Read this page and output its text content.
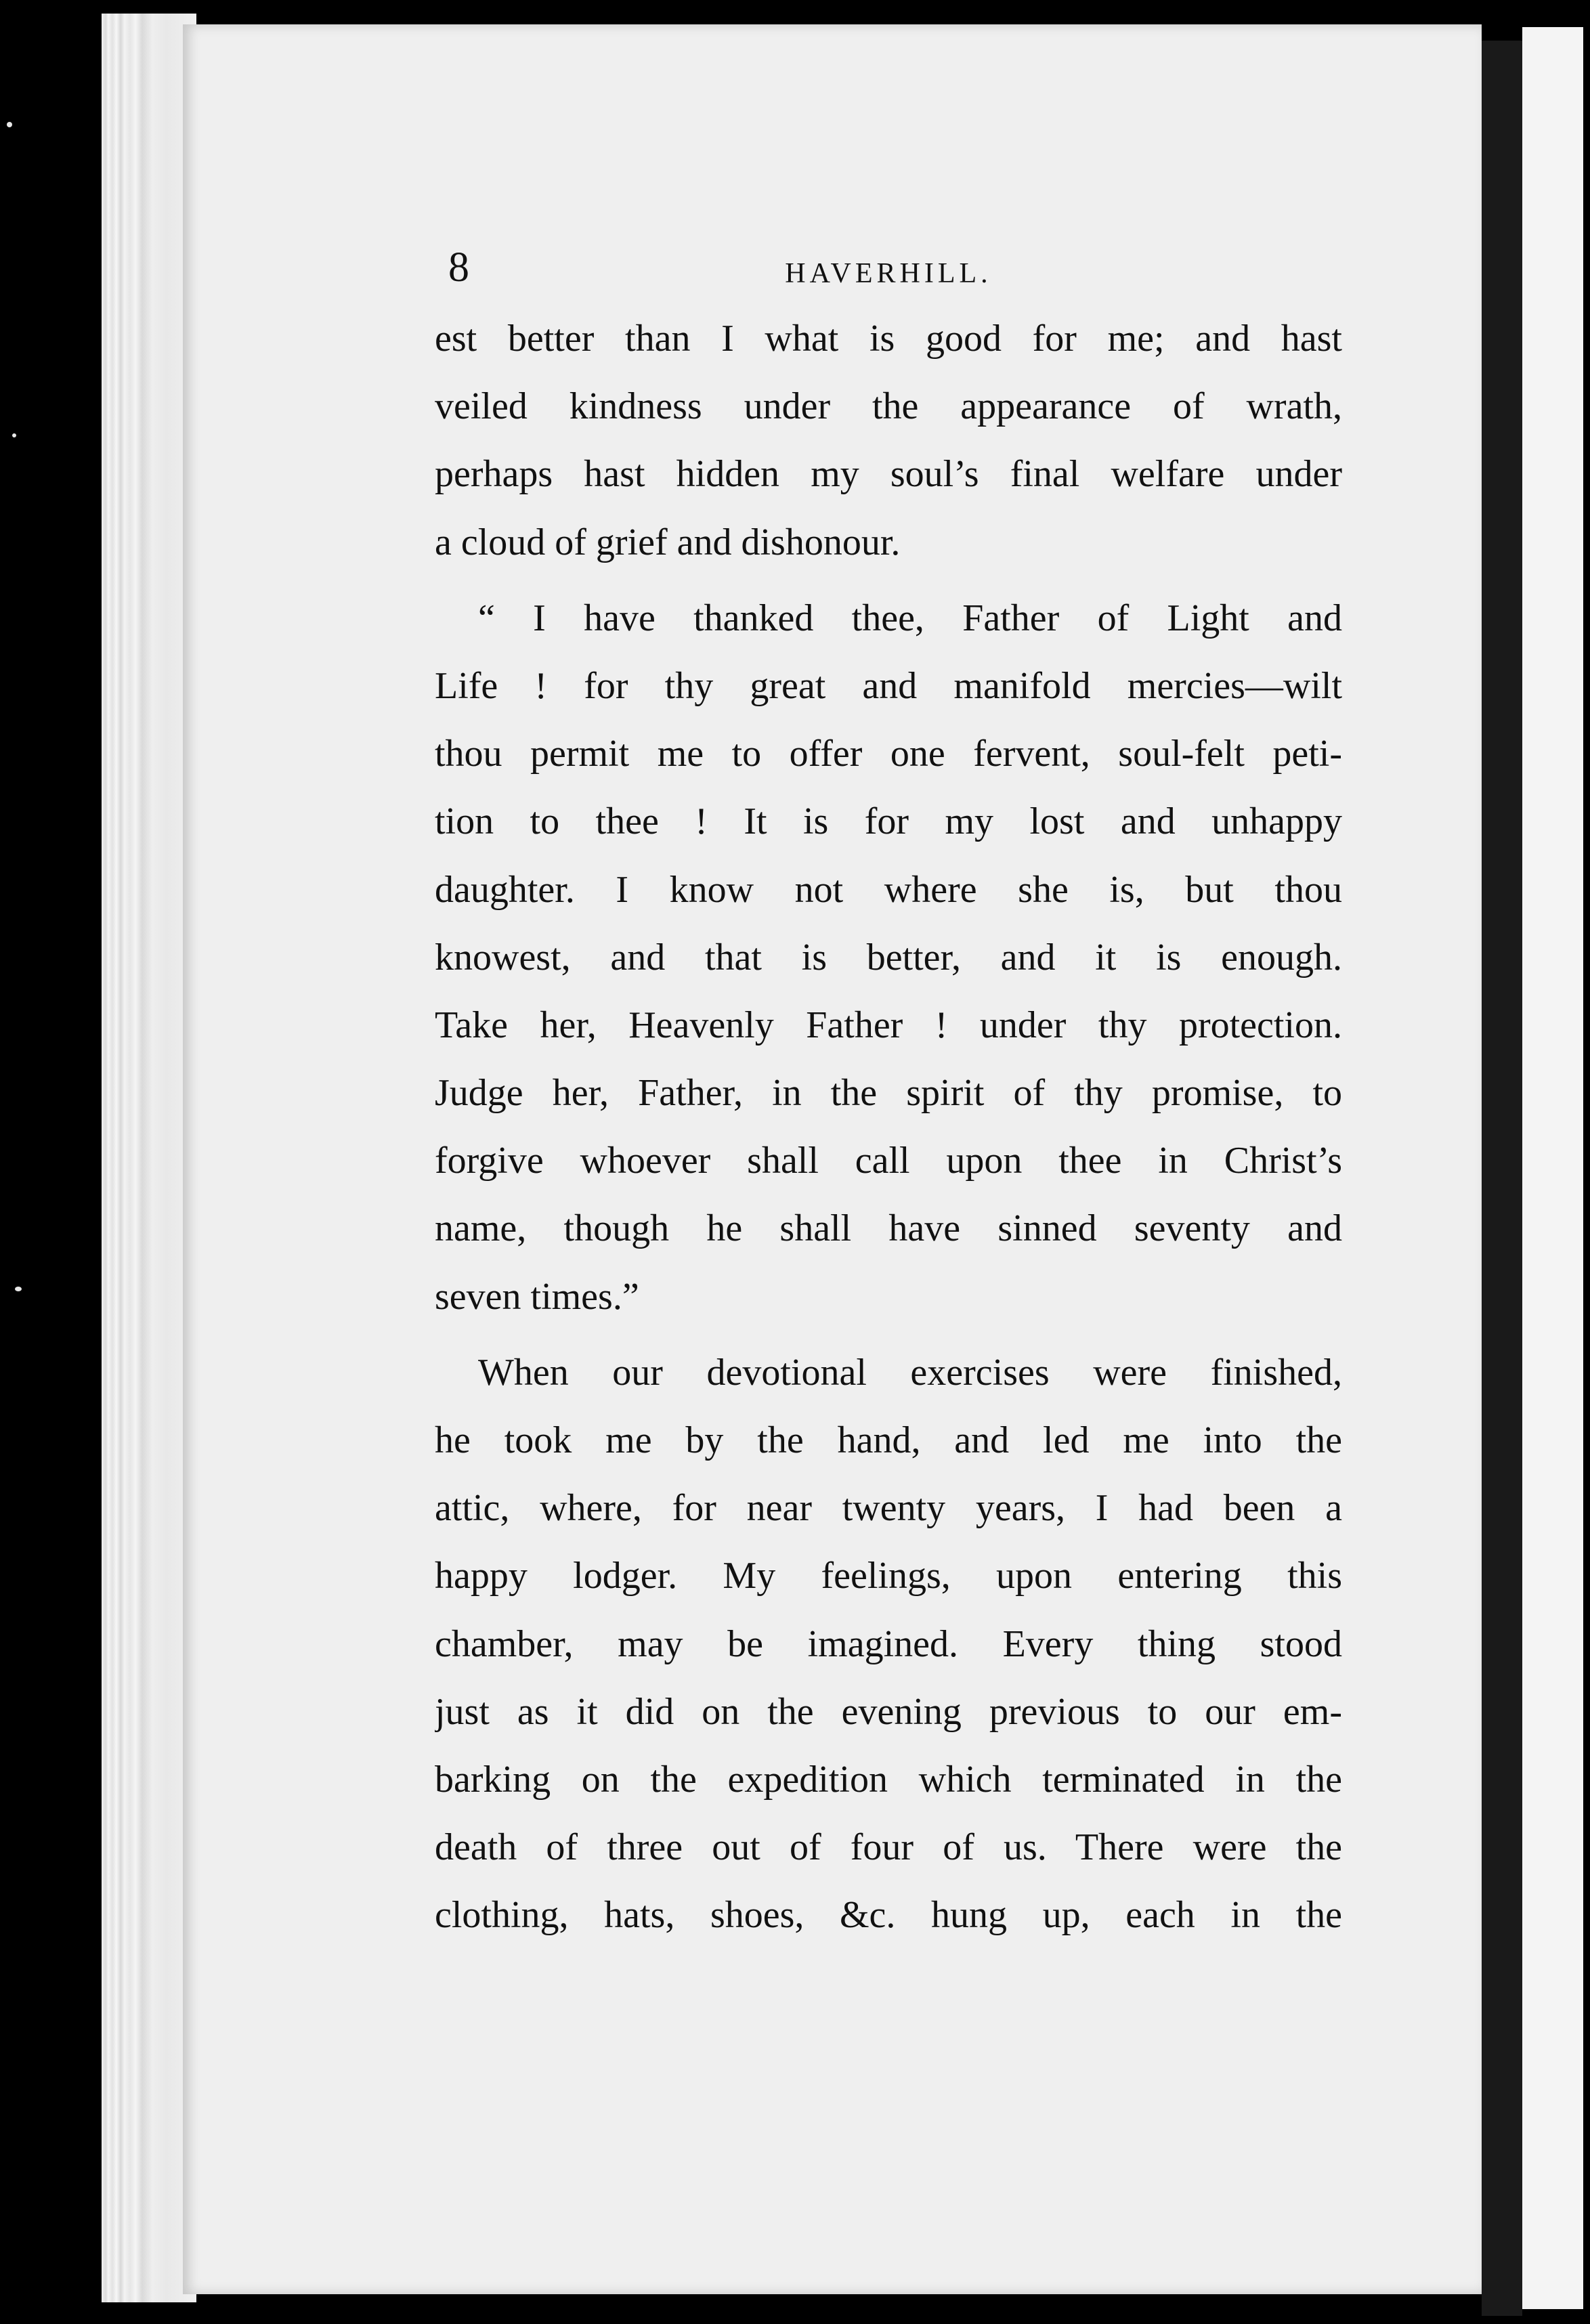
8	HAVERHILL.
est better than I what is good for me; and hast
veiled kindness under the appearance of wrath,
perhaps hast hidden my soul’s final welfare under
a cloud of grief and dishonour.
“ I have thanked thee, Father of Light and
Life ! for thy great and manifold mercies—wilt
thou permit me to offer one fervent, soul-felt peti-
tion to thee ! It is for my lost and unhappy
daughter. I know not where she is, but thou
knowest, and that is better, and it is enough.
Take her, Heavenly Father ! under thy protection.
Judge her, Father, in the spirit of thy promise, to
forgive whoever shall call upon thee in Christ’s
name, though he shall have sinned seventy and
seven times.”
When our devotional exercises were finished,
he took me by the hand, and led me into the
attic, where, for near twenty years, I had been a
happy lodger. My feelings, upon entering this
chamber, may be imagined. Every thing stood
just as it did on the evening previous to our em-
barking on the expedition which terminated in the
death of three out of four of us. There were the
clothing, hats, shoes, &c. hung up, each in the
